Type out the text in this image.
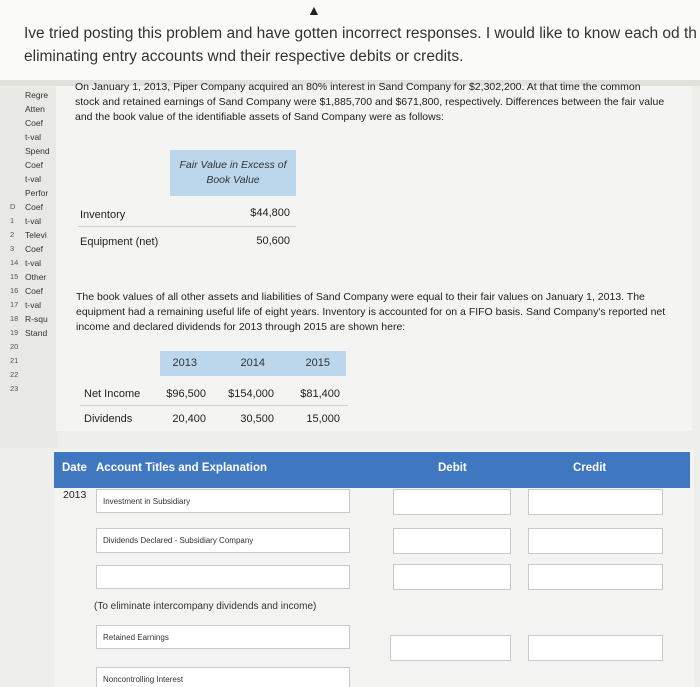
Ive tried posting this problem and have gotten incorrect responses. I would like to know each od th
eliminating entry accounts wnd their respective debits or credits.
▲
Regre
Atten
Coef
t-val
Spend
Coef
t-val
Perfor
D	Coef
1	t-val
2	Televi
3	Coef
14 t-val
15 Other
16 Coef
17 t-val
18 R-squ
19 Stand
20
21
22
23
On January 1, 2013, Piper Company acquired an 80% interest in Sand Company for $2,302,200. At that time the common stock and retained earnings of Sand Company were $1,885,700 and $671,800, respectively. Differences between the fair value and the book value of the identifiable assets of Sand Company were as follows:
Fair Value in Excess of Book Value
Inventory	$44,800
Equipment (net)	50,600
The book values of all other assets and liabilities of Sand Company were equal to their fair values on January 1, 2013. The equipment had a remaining useful life of eight years. Inventory is accounted for on a FIFO basis. Sand Company's reported net income and declared dividends for 2013 through 2015 are shown here:
2013	2014	2015
Net Income	$96,500	$154,000	$81,400
Dividends	20,400	30,500	15,000
Date Account Titles and Explanation	Debit	Credit
2013
Investment in Subsidiary
Dividends Declared - Subsidiary Company
(To eliminate intercompany dividends and income)
Retained Earnings
Noncontrolling Interest
